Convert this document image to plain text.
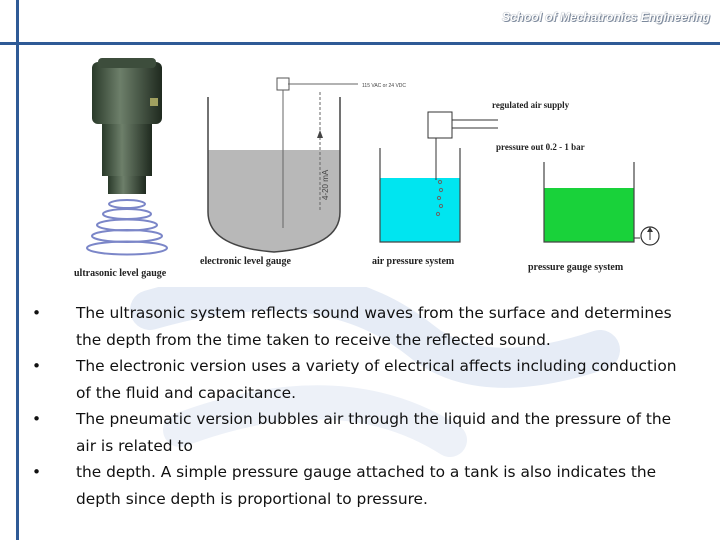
School of Mechatronics Engineering
ultrasonic level gauge
115 VAC or 24 VDC
4-20 mA
electronic level gauge
regulated air supply
pressure out 0.2 - 1 bar
air pressure system
pressure gauge system
• The ultrasonic system reflects sound waves from the surface and determines the depth from the time taken to receive the reflected sound.
• The electronic version uses a variety of electrical affects including conduction of the fluid and capacitance.
• The pneumatic version bubbles air through the liquid and the pressure of the air is related to
• the depth. A simple pressure gauge attached to a tank is also indicates the depth since depth is proportional to pressure.
